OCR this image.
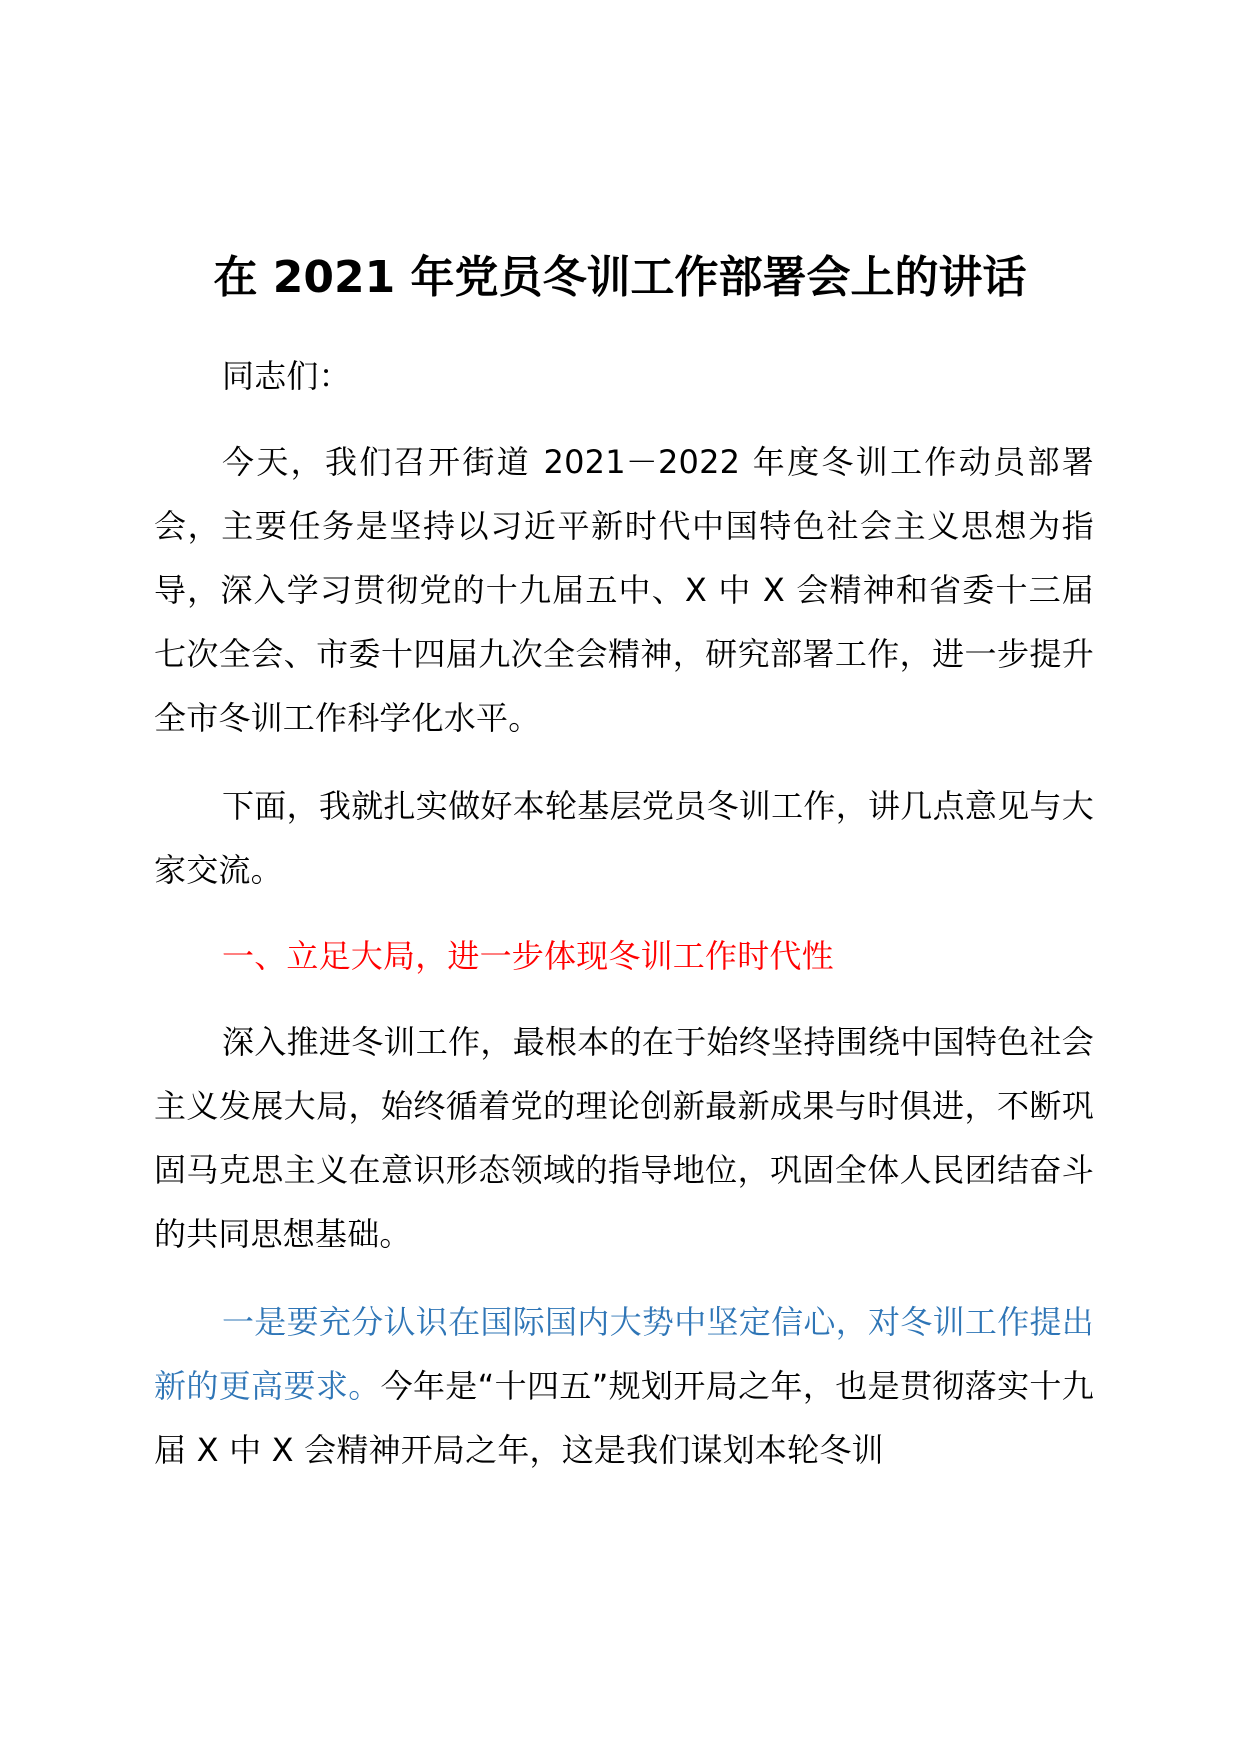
在 2021 年党员冬训工作部署会上的讲话

同志们：

今天，我们召开街道 2021－2022 年度冬训工作动员部署会，主要任务是坚持以习近平新时代中国特色社会主义思想为指导，深入学习贯彻党的十九届五中、X 中 X 会精神和省委十三届七次全会、市委十四届九次全会精神，研究部署工作，进一步提升全市冬训工作科学化水平。

下面，我就扎实做好本轮基层党员冬训工作，讲几点意见与大家交流。

一、立足大局，进一步体现冬训工作时代性

深入推进冬训工作，最根本的在于始终坚持围绕中国特色社会主义发展大局，始终循着党的理论创新最新成果与时俱进，不断巩固马克思主义在意识形态领域的指导地位，巩固全体人民团结奋斗的共同思想基础。

一是要充分认识在国际国内大势中坚定信心，对冬训工作提出新的更高要求。今年是“十四五”规划开局之年，也是贯彻落实十九届 X 中 X 会精神开局之年，这是我们谋划本轮冬训
